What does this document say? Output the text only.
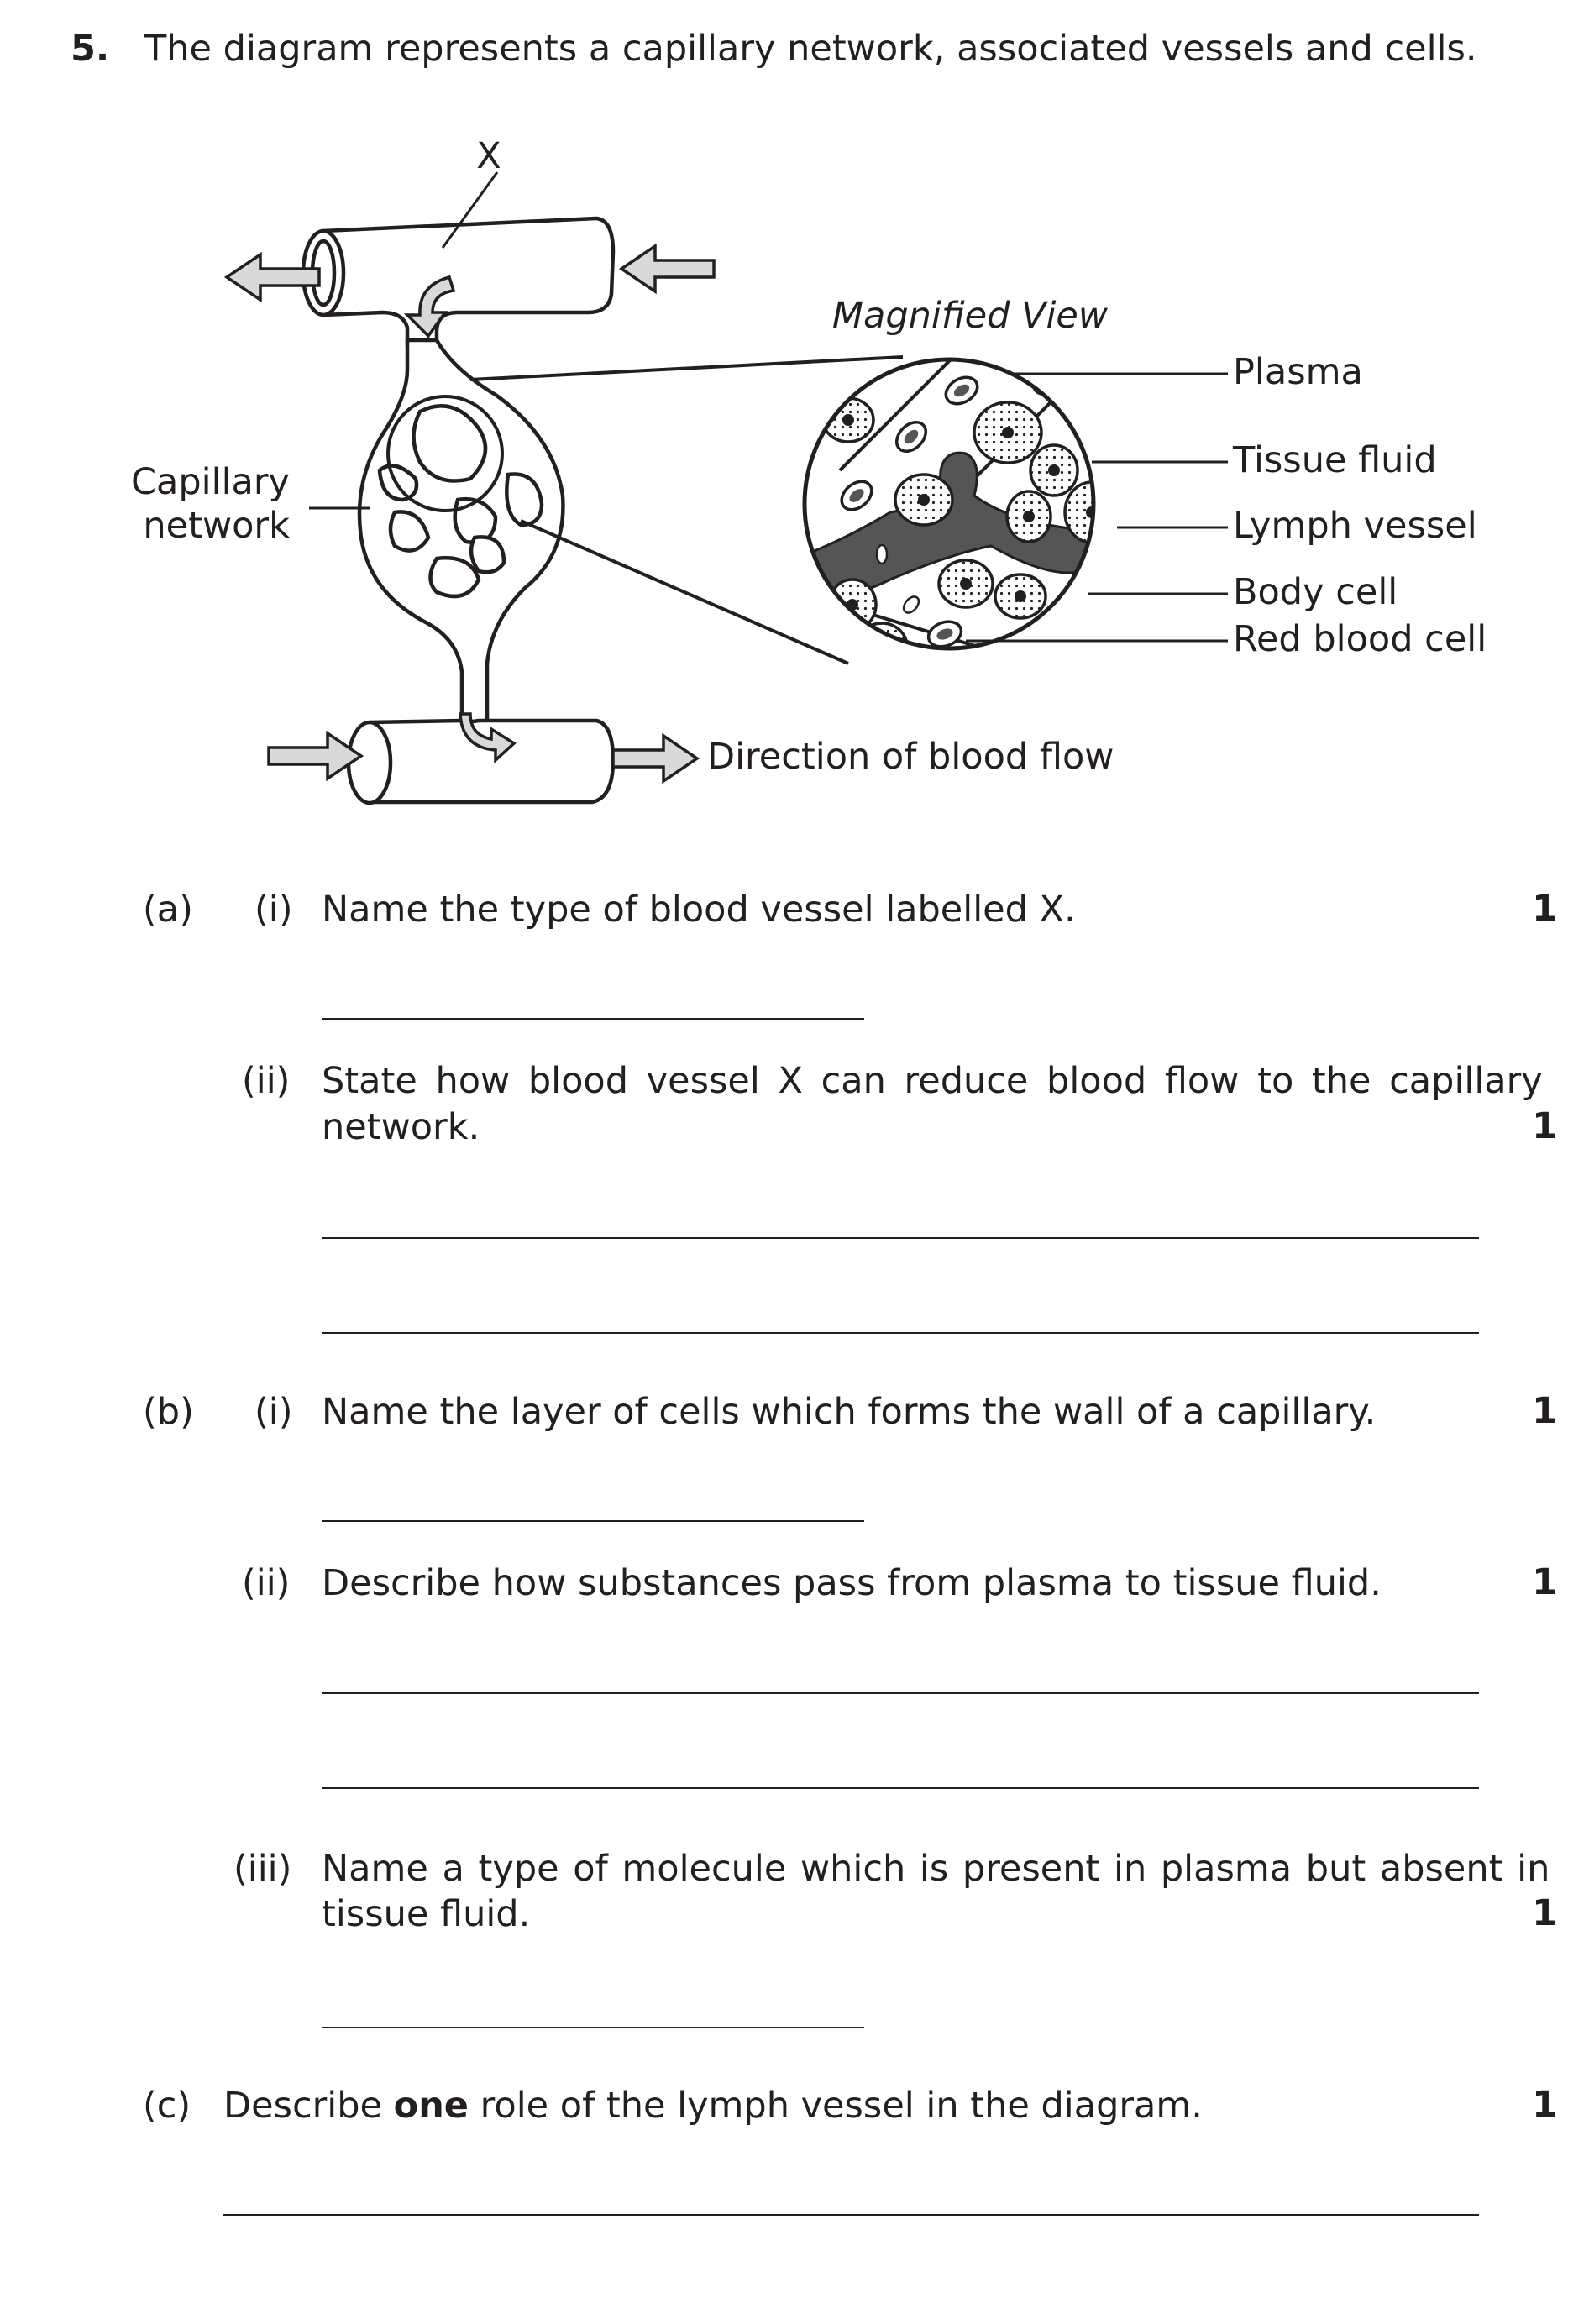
5. The diagram represents a capillary network, associated vessels and cells.
X
Capillary
network
Magnified View
Plasma
Tissue fluid
Lymph vessel
Body cell
Red blood cell
Direction of blood flow
(a) (i) Name the type of blood vessel labelled X.	1
(ii) State how blood vessel X can reduce blood flow to the capillary
network.	1
(b) (i) Name the layer of cells which forms the wall of a capillary.	1
(ii) Describe how substances pass from plasma to tissue fluid.	1
(iii) Name a type of molecule which is present in plasma but absent in
tissue fluid.	1
(c) Describe one role of the lymph vessel in the diagram.	1
